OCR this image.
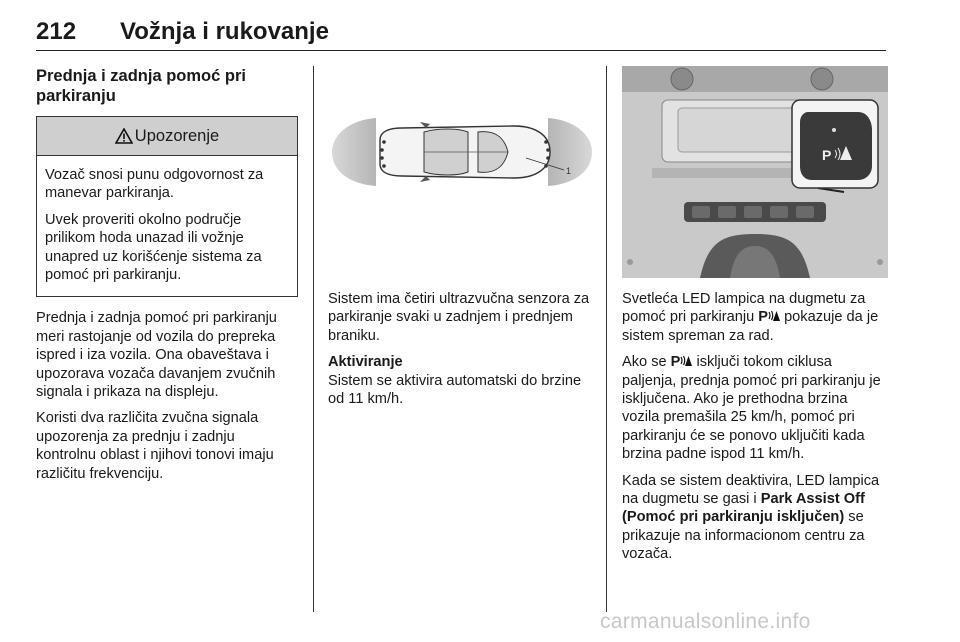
212 Vožnja i rukovanje
Prednja i zadnja pomoć pri parkiranju
Upozorenje

Vozač snosi punu odgovornost za manevar parkiranja.

Uvek proveriti okolno područje prilikom hoda unazad ili vožnje unapred uz korišćenje sistema za pomoć pri parkiranju.

Prednja i zadnja pomoć pri parkiranju meri rastojanje od vozila do prepreka ispred i iza vozila. Ona obaveštava i upozorava vozača davanjem zvučnih signala i prikaza na displeju.

Koristi dva različita zvučna signala upozorenja za prednju i zadnju kontrolnu oblast i njihovi tonovi imaju različitu frekvenciju.

1

Sistem ima četiri ultrazvučna senzora za parkiranje svaki u zadnjem i prednjem braniku.

Aktiviranje

Sistem se aktivira automatski do brzine od 11 km/h.

P

Svetleća LED lampica na dugmetu za pomoć pri parkiranju P pokazuje da je sistem spreman za rad.

Ako se P isključi tokom ciklusa paljenja, prednja pomoć pri parkiranju je isključena. Ako je prethodna brzina vozila premašila 25 km/h, pomoć pri parkiranju će se ponovo uključiti kada brzina padne ispod 11 km/h.

Kada se sistem deaktivira, LED lampica na dugmetu se gasi i Park Assist Off (Pomoć pri parkiranju isključen) se prikazuje na informacionom centru za vozača.

carmanualsonline.info
